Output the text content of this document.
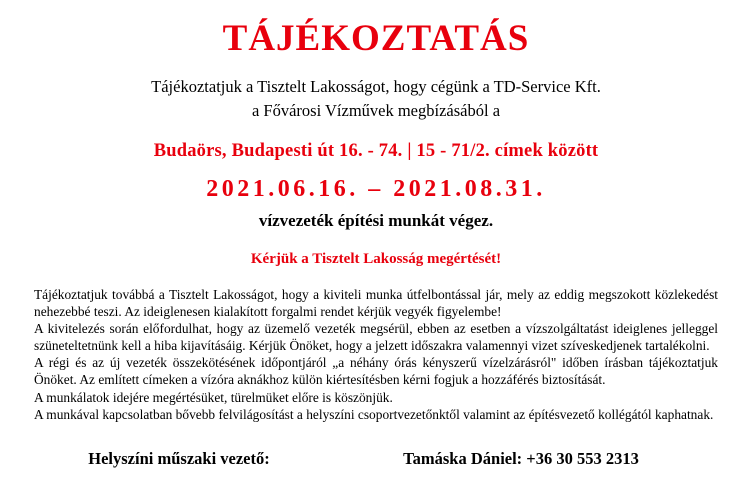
TÁJÉKOZTATÁS
Tájékoztatjuk a Tisztelt Lakosságot, hogy cégünk a TD-Service Kft.
a Fővárosi Vízművek megbízásából a
Budaörs, Budapesti út 16. - 74. | 15 - 71/2. címek között
2021.06.16. – 2021.08.31.
vízvezeték építési munkát végez.
Kérjük a Tisztelt Lakosság megértését!

Tájékoztatjuk továbbá a Tisztelt Lakosságot, hogy a kiviteli munka útfelbontással jár, mely az eddig megszokott közlekedést nehezebbé teszi. Az ideiglenesen kialakított forgalmi rendet kérjük vegyék figyelembe!

A kivitelezés során előfordulhat, hogy az üzemelő vezeték megsérül, ebben az esetben a vízszolgáltatást ideiglenes jelleggel szüneteltetnünk kell a hiba kijavításáig. Kérjük Önöket, hogy a jelzett időszakra valamennyi vizet szíveskedjenek tartalékolni.

A régi és az új vezeték összekötésének időpontjáról „a néhány órás kényszerű vízelzárásról" időben írásban tájékoztatjuk Önöket. Az említett címeken a vízóra aknákhoz külön kiértesítésben kérni fogjuk a hozzáférés biztosítását.

A munkálatok idejére megértésüket, türelmüket előre is köszönjük.

A munkával kapcsolatban bővebb felvilágosítást a helyszíni csoportvezetőnktől valamint az építésvezető kollégától kaphatnak.

Helyszíni műszaki vezető:	Tamáska Dániel: +36 30 553 2313
